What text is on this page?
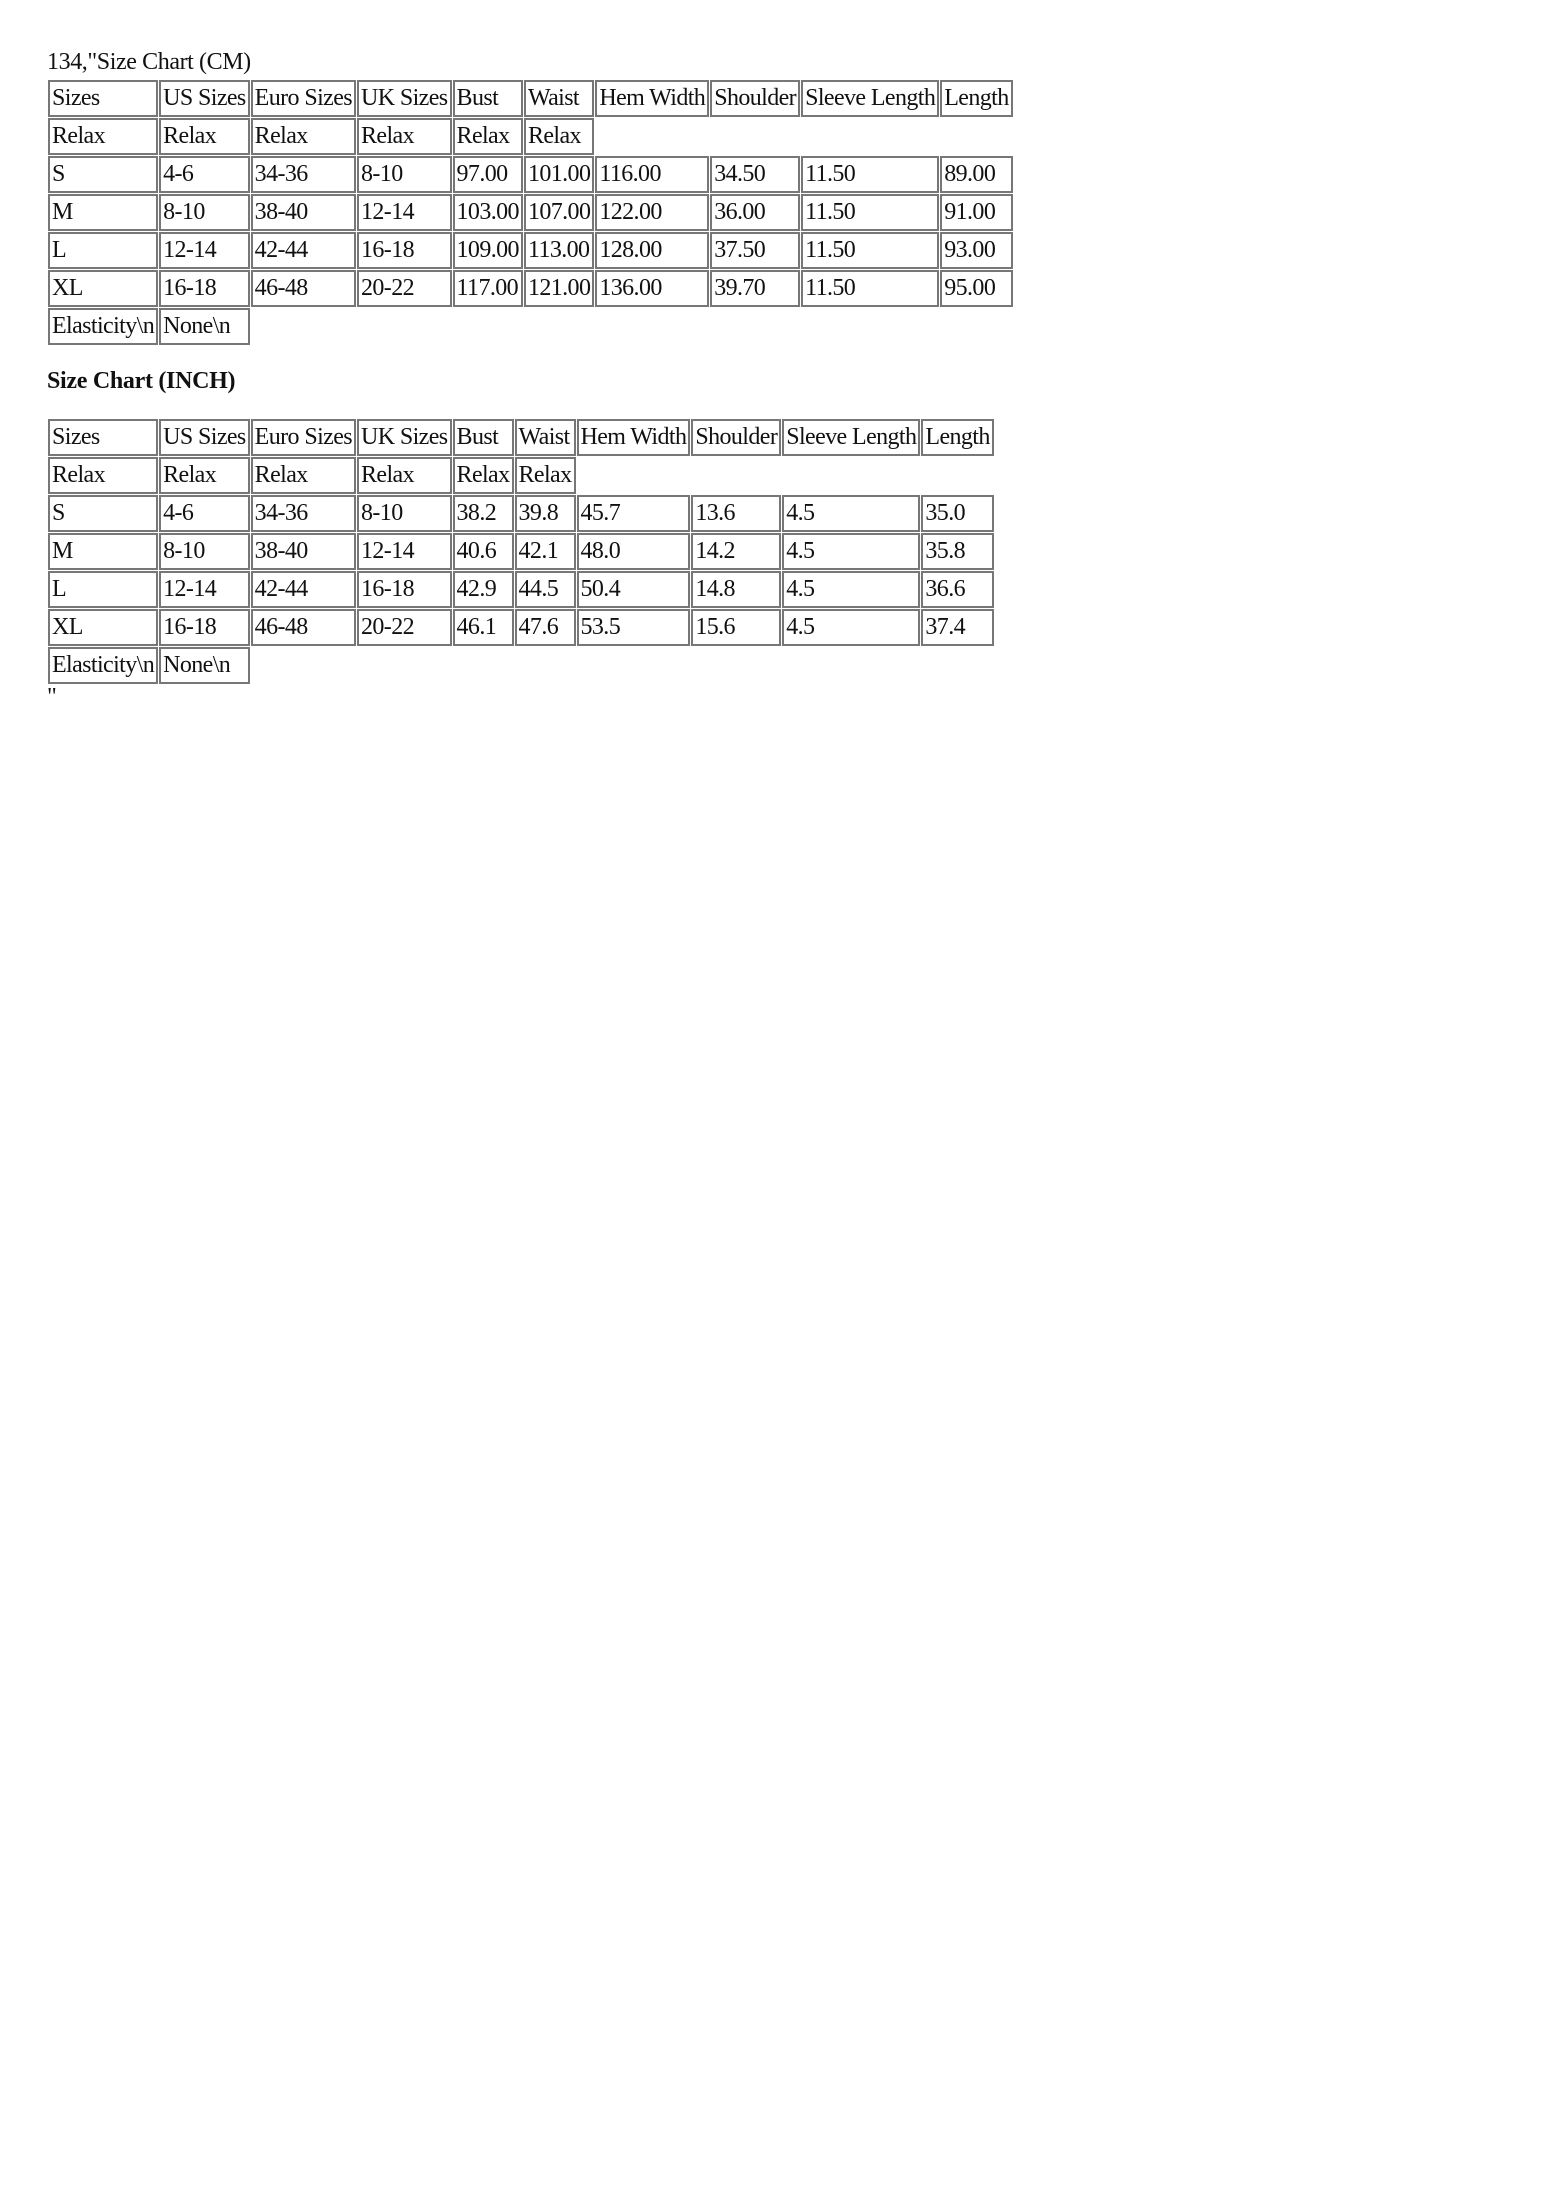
134,"Size Chart (CM)
Sizes	US Sizes	Euro Sizes	UK Sizes	Bust	Waist	Hem Width	Shoulder	Sleeve Length	Length
Relax	Relax	Relax	Relax	Relax	Relax				
S	4-6	34-36	8-10	97.00	101.00	116.00	34.50	11.50	89.00
M	8-10	38-40	12-14	103.00	107.00	122.00	36.00	11.50	91.00
L	12-14	42-44	16-18	109.00	113.00	128.00	37.50	11.50	93.00
XL	16-18	46-48	20-22	117.00	121.00	136.00	39.70	11.50	95.00
Elasticity\n	None\n								
Size Chart (INCH)
Sizes	US Sizes	Euro Sizes	UK Sizes	Bust	Waist	Hem Width	Shoulder	Sleeve Length	Length
Relax	Relax	Relax	Relax	Relax	Relax				
S	4-6	34-36	8-10	38.2	39.8	45.7	13.6	4.5	35.0
M	8-10	38-40	12-14	40.6	42.1	48.0	14.2	4.5	35.8
L	12-14	42-44	16-18	42.9	44.5	50.4	14.8	4.5	36.6
XL	16-18	46-48	20-22	46.1	47.6	53.5	15.6	4.5	37.4
Elasticity\n	None\n								
"
